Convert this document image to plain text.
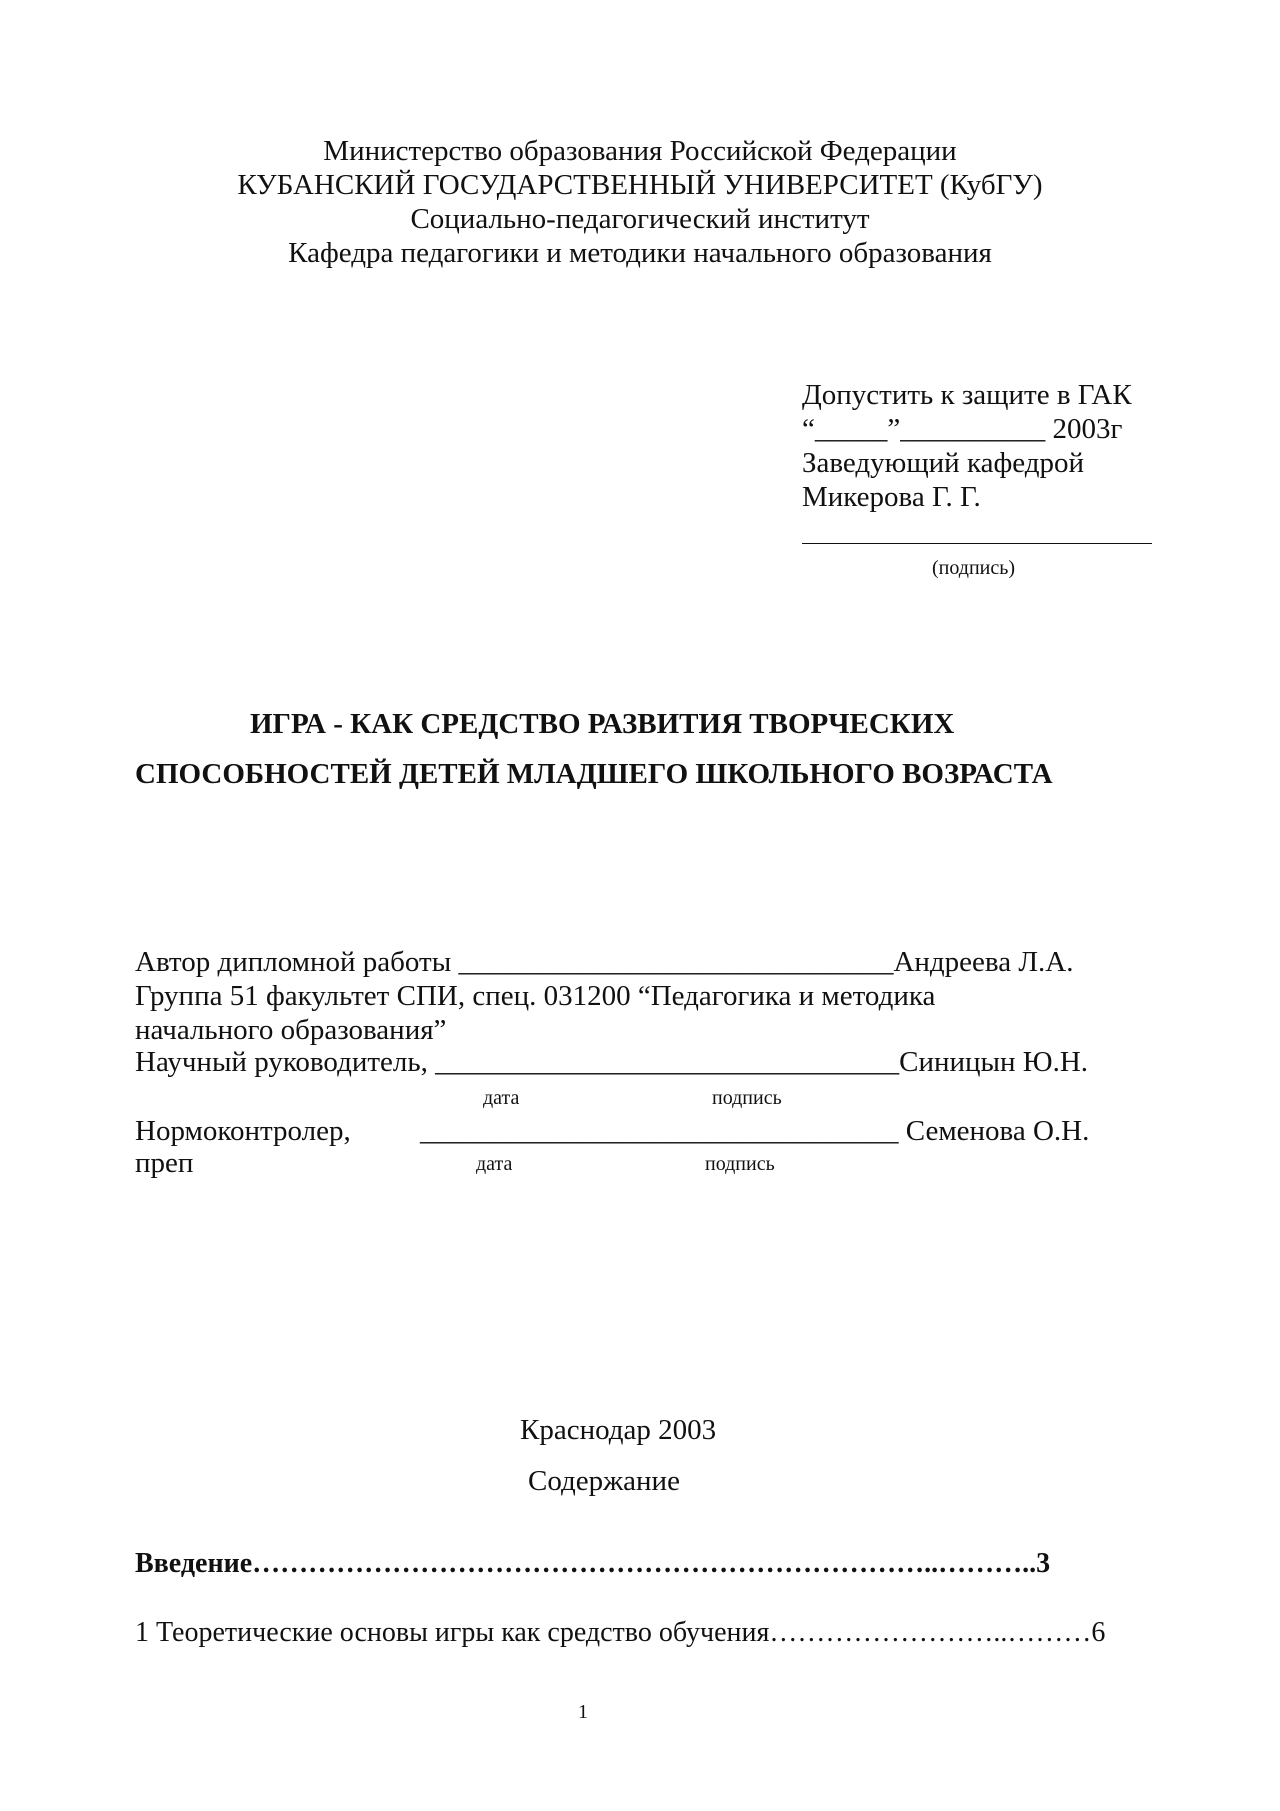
Министерство образования Российской Федерации
КУБАНСКИЙ ГОСУДАРСТВЕННЫЙ УНИВЕРСИТЕТ (КубГУ)
Социально-педагогический институт
Кафедра педагогики и методики начального образования
Допустить к защите в ГАК
“_____”__________ 2003г
Заведующий кафедрой
Микерова Г. Г.
(подпись)
ИГРА - КАК СРЕДСТВО РАЗВИТИЯ ТВОРЧЕСКИХ
СПОСОБНОСТЕЙ ДЕТЕЙ МЛАДШЕГО ШКОЛЬНОГО ВОЗРАСТА
Автор дипломной работы ______________________________Андреева Л.А.
Группа 51 факультет СПИ, спец. 031200 “Педагогика и методика
начального образования”
Научный руководитель, ________________________________Синицын Ю.Н.
дата	подпись
Нормоконтролер, _________________________________ Семенова О.Н.
преп	дата	подпись
Краснодар 2003
Содержание
Введение………………………………………………………………..………..3
1 Теоретические основы игры как средство обучения……………………..………6
1
